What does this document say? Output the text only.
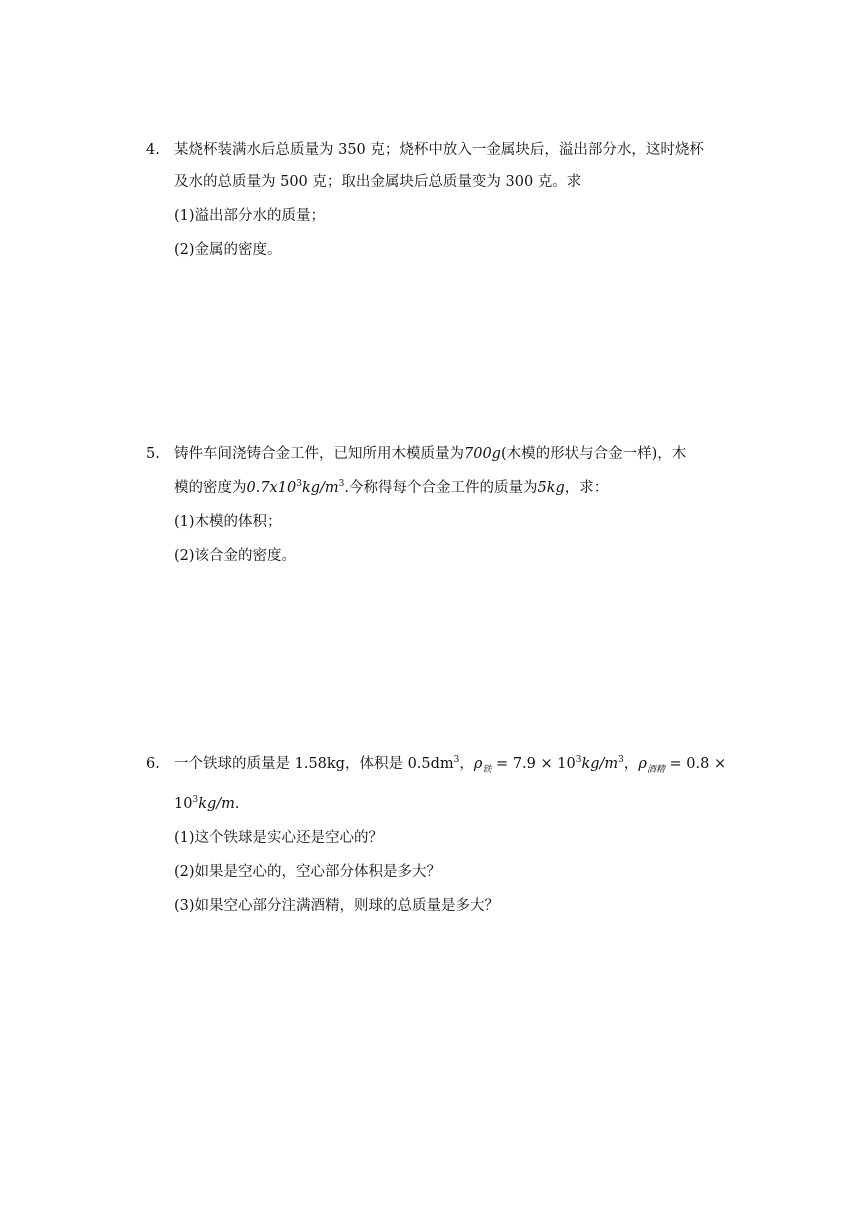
4. 某烧杯装满水后总质量为 350 克；烧杯中放入一金属块后，溢出部分水，这时烧杯
及水的总质量为 500 克；取出金属块后总质量变为 300 克。求
(1)溢出部分水的质量；
(2)金属的密度。
5. 铸件车间浇铸合金工件，已知所用木模质量为700g(木模的形状与合金一样)，木
模的密度为$0.7x10^3kg/m^3$.今称得每个合金工件的质量为5kg，求：
(1)木模的体积；
(2)该合金的密度。
6. 一个铁球的质量是 1.58kg，体积是 $0.5dm^3$，$\rho_铁 = 7.9 \times 10^3kg/m^3$，$\rho_{酒精} = 0.8$ ×
$10^3kg/m$.
(1)这个铁球是实心还是空心的？
(2)如果是空心的，空心部分体积是多大？
(3)如果空心部分注满酒精，则球的总质量是多大？
